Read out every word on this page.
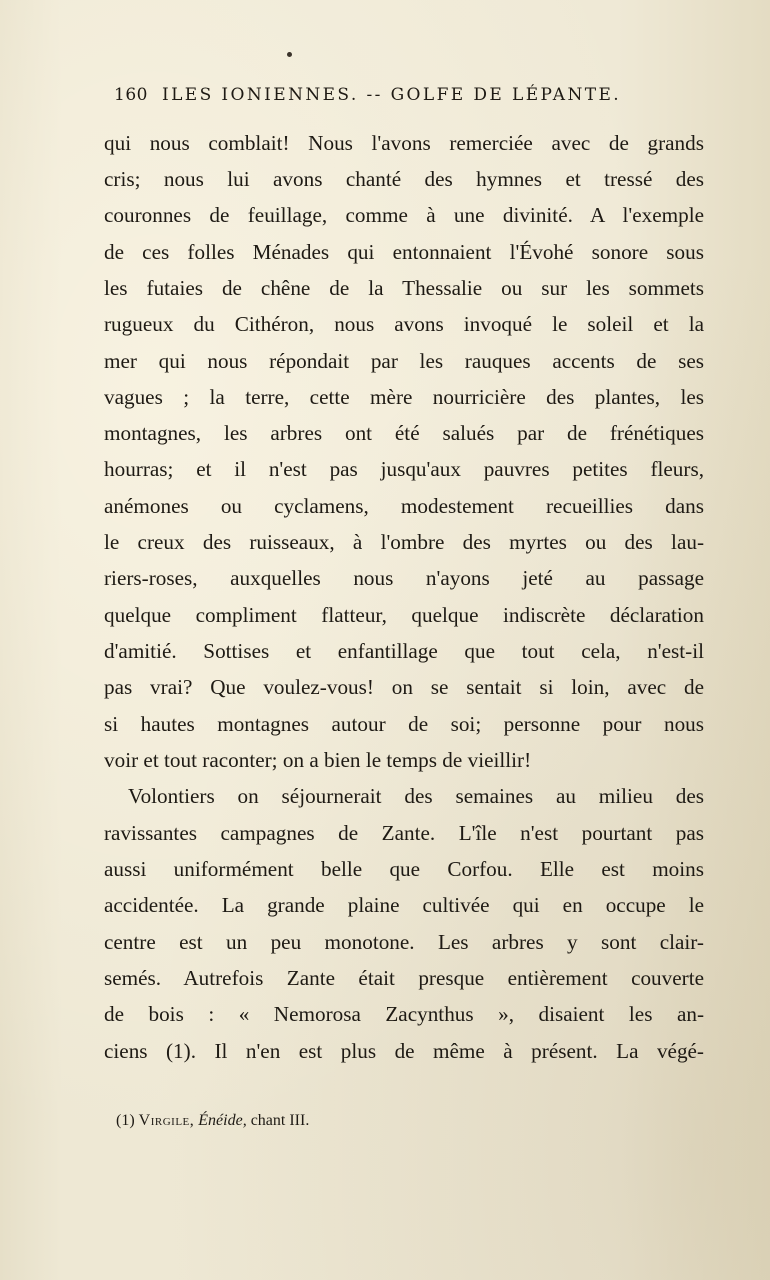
160 ILES IONIENNES. -- GOLFE DE LÉPANTE.
qui nous comblait! Nous l'avons remerciée avec de grands
cris; nous lui avons chanté des hymnes et tressé des
couronnes de feuillage, comme à une divinité. A l'exemple
de ces folles Ménades qui entonnaient l'Évohé sonore sous
les futaies de chêne de la Thessalie ou sur les sommets
rugueux du Cithéron, nous avons invoqué le soleil et la
mer qui nous répondait par les rauques accents de ses
vagues ; la terre, cette mère nourricière des plantes, les
montagnes, les arbres ont été salués par de frénétiques
hourras; et il n'est pas jusqu'aux pauvres petites fleurs,
anémones ou cyclamens, modestement recueillies dans
le creux des ruisseaux, à l'ombre des myrtes ou des lau-
riers-roses, auxquelles nous n'ayons jeté au passage
quelque compliment flatteur, quelque indiscrète déclaration
d'amitié. Sottises et enfantillage que tout cela, n'est-il
pas vrai? Que voulez-vous! on se sentait si loin, avec de
si hautes montagnes autour de soi; personne pour nous
voir et tout raconter; on a bien le temps de vieillir!
Volontiers on séjournerait des semaines au milieu des
ravissantes campagnes de Zante. L'île n'est pourtant pas
aussi uniformément belle que Corfou. Elle est moins
accidentée. La grande plaine cultivée qui en occupe le
centre est un peu monotone. Les arbres y sont clair-
semés. Autrefois Zante était presque entièrement couverte
de bois : « Nemorosa Zacynthus », disaient les an-
ciens (1). Il n'en est plus de même à présent. La végé-
(1) Virgile, Énéide, chant III.
